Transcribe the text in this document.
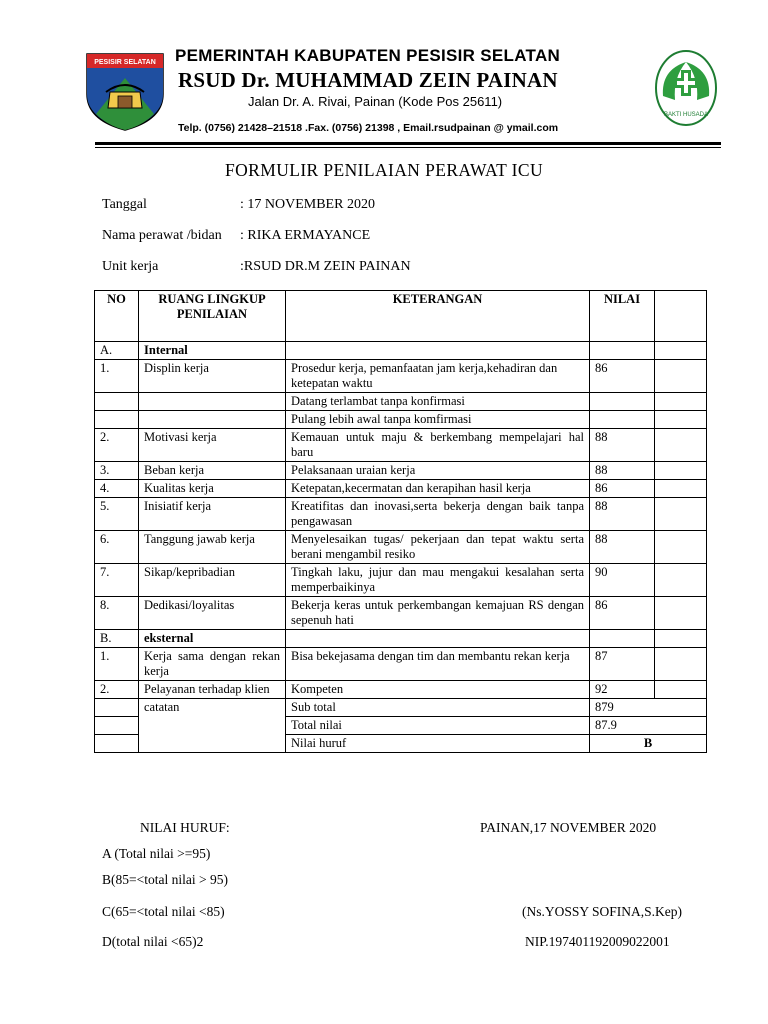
PESISIR SELATAN
BAKTI HUSADA
PEMERINTAH KABUPATEN PESISIR SELATAN
RSUD Dr. MUHAMMAD ZEIN PAINAN
Jalan Dr. A. Rivai, Painan (Kode Pos 25611)
Telp. (0756) 21428–21518 .Fax. (0756) 21398 , Email.rsudpainan @ ymail.com
FORMULIR PENILAIAN PERAWAT ICU
Tanggal	: 17 NOVEMBER 2020
Nama perawat /bidan : RIKA ERMAYANCE
Unit kerja	:RSUD DR.M ZEIN PAINAN
NO	RUANG LINGKUP PENILAIAN	KETERANGAN	NILAI	
A.	Internal			
1.	Displin kerja	Prosedur kerja, pemanfaatan jam kerja,kehadiran dan ketepatan waktu	86	
		Datang terlambat tanpa konfirmasi		
		Pulang lebih awal tanpa komfirmasi		
2.	Motivasi kerja	Kemauan untuk maju & berkembang mempelajari hal baru	88	
3.	Beban kerja	Pelaksanaan uraian kerja	88	
4.	Kualitas kerja	Ketepatan,kecermatan dan kerapihan hasil kerja	86	
5.	Inisiatif kerja	Kreatifitas dan inovasi,serta bekerja dengan baik tanpa pengawasan	88	
6.	Tanggung jawab kerja	Menyelesaikan tugas/ pekerjaan dan tepat waktu serta berani mengambil resiko	88	
7.	Sikap/kepribadian	Tingkah laku, jujur dan mau mengakui kesalahan serta memperbaikinya	90	
8.	Dedikasi/loyalitas	Bekerja keras untuk perkembangan kemajuan RS dengan sepenuh hati	86	
B.	eksternal			
1.	Kerja sama dengan rekan kerja	Bisa bekejasama dengan tim dan membantu rekan kerja	87	
2.	Pelayanan terhadap klien	Kompeten	92	
	catatan	Sub total	879	
		Total nilai	87.9	
		Nilai huruf	B	
NILAI HURUF:
A (Total nilai >=95)
B(85=<total nilai > 95)
C(65=<total nilai <85)
D(total nilai <65)2
PAINAN,17 NOVEMBER 2020
(Ns.YOSSY SOFINA,S.Kep)
NIP.197401192009022001
